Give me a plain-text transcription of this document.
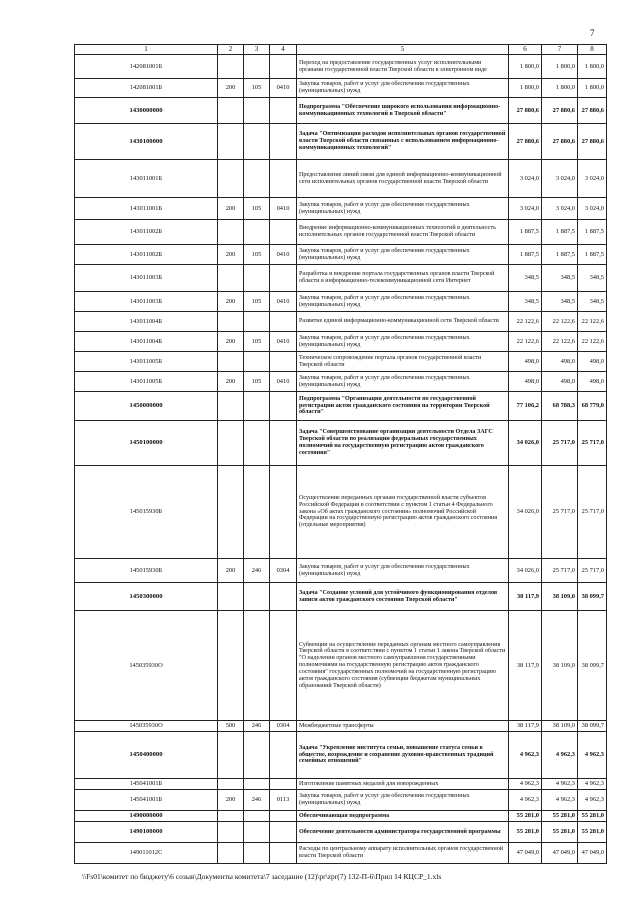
7
1	2	3	4	5	6	7	8
142081001Б				Переход на предоставление государственных услуг исполнительными органами государственной власти Тверской области в электронном виде	1 800,0	1 800,0	1 800,0
142081001Б	200	105	0410	Закупка товаров, работ и услуг для обеспечения государственных (муниципальных) нужд	1 800,0	1 800,0	1 800,0
1430000000				Подпрограмма "Обеспечение широкого использования информационно-коммуникационных технологий в Тверской области"	27 880,6	27 880,6	27 880,6
1430100000				Задача "Оптимизация расходов исполнительных органов государственной власти Тверской области связанных с использованием информационно-коммуникационных технологий"	27 880,6	27 880,6	27 880,6
143011001Б				Предоставление линий связи для единой информационно-коммуникационной сети исполнительных органов государственной власти Тверской области	3 024,0	3 024,0	3 024,0
143011001Б	200	105	0410	Закупка товаров, работ и услуг для обеспечения государственных (муниципальных) нужд	3 024,0	3 024,0	3 024,0
143011002Б				Внедрение информационно-коммуникационных технологий в деятельность исполнительных органов государственной власти Тверской области	1 887,5	1 887,5	1 887,5
143011002Б	200	105	0410	Закупка товаров, работ и услуг для обеспечения государственных (муниципальных) нужд	1 887,5	1 887,5	1 887,5
143011003Б				Разработка и внедрение портала государственных органов власти Тверской области в информационно-телекоммуникационной сети Интернет	348,5	348,5	348,5
143011003Б	200	105	0410	Закупка товаров, работ и услуг для обеспечения государственных (муниципальных) нужд	348,5	348,5	348,5
143011004Б				Развитие единой информационно-коммуникационной сети Тверской области	22 122,6	22 122,6	22 122,6
143011004Б	200	105	0410	Закупка товаров, работ и услуг для обеспечения государственных (муниципальных) нужд	22 122,6	22 122,6	22 122,6
143011005Б				Техническое сопровождение портала органов государственной власти Тверской области	498,0	498,0	498,0
143011005Б	200	105	0410	Закупка товаров, работ и услуг для обеспечения государственных (муниципальных) нужд	498,0	498,0	498,0
1450000000				Подпрограмма "Организация деятельности по государственной регистрации актов гражданского состояния на территории Тверской области"	77 106,2	68 788,3	68 779,0
1450100000				Задача "Совершенствование организации деятельности Отдела ЗАГС Тверской области по реализации федеральных государственных полномочий на государственную регистрацию актов гражданского состояния"	34 026,0	25 717,0	25 717,0
145015930Б				Осуществление переданных органам государственной власти субъектов Российской Федерации в соответствии с пунктом 1 статьи 4 Федерального закона «Об актах гражданского состояния» полномочий Российской Федерации на государственную регистрацию актов гражданского состояния (отдельные мероприятия)	34 026,0	25 717,0	25 717,0
145015930Б	200	246	0304	Закупка товаров, работ и услуг для обеспечения государственных (муниципальных) нужд	34 026,0	25 717,0	25 717,0
1450300000				Задача "Создание условий для устойчивого функционирования отделов записи актов гражданского состояния Тверской области"	38 117,9	38 109,0	38 099,7
145035930О				Субвенции на осуществление переданных органам местного самоуправления Тверской области в соответствии с пунктом 1 статьи 1 закона Тверской области "О наделении органов местного самоуправления государственными полномочиями на государственную регистрацию актов гражданского состояния" государственных полномочий на государственную регистрацию актов гражданского состояния (субвенции бюджетам муниципальных образований Тверской области)	38 117,9	38 109,0	38 099,7
145035930О	500	246	0304	Межбюджетные трансферты	38 117,9	38 109,0	38 099,7
1450400000				Задача "Укрепление института семьи, повышение статуса семьи в обществе, возрождение и сохранение духовно-нравственных традиций семейных отношений"	4 962,3	4 962,3	4 962,3
145041001Б				Изготовление памятных медалей для новорожденных	4 962,3	4 962,3	4 962,3
145041001Б	200	246	0113	Закупка товаров, работ и услуг для обеспечения государственных (муниципальных) нужд	4 962,3	4 962,3	4 962,3
1490000000				Обеспечивающая подпрограмма	55 281,0	55 281,0	55 281,0
1490100000				Обеспечение деятельности администратора государственной программы	55 281,0	55 281,0	55 281,0
149011012С				Расходы по центральному аппарату исполнительных органов государственной власти Тверской области	47 049,0	47 049,0	47 049,0
\\Fs01\комитет по бюджету\6 созыв\Документы комитета\7 заседание (12)\pr\zpr(7) 132-П-6\Прил 14 КЦСР_1.xls
